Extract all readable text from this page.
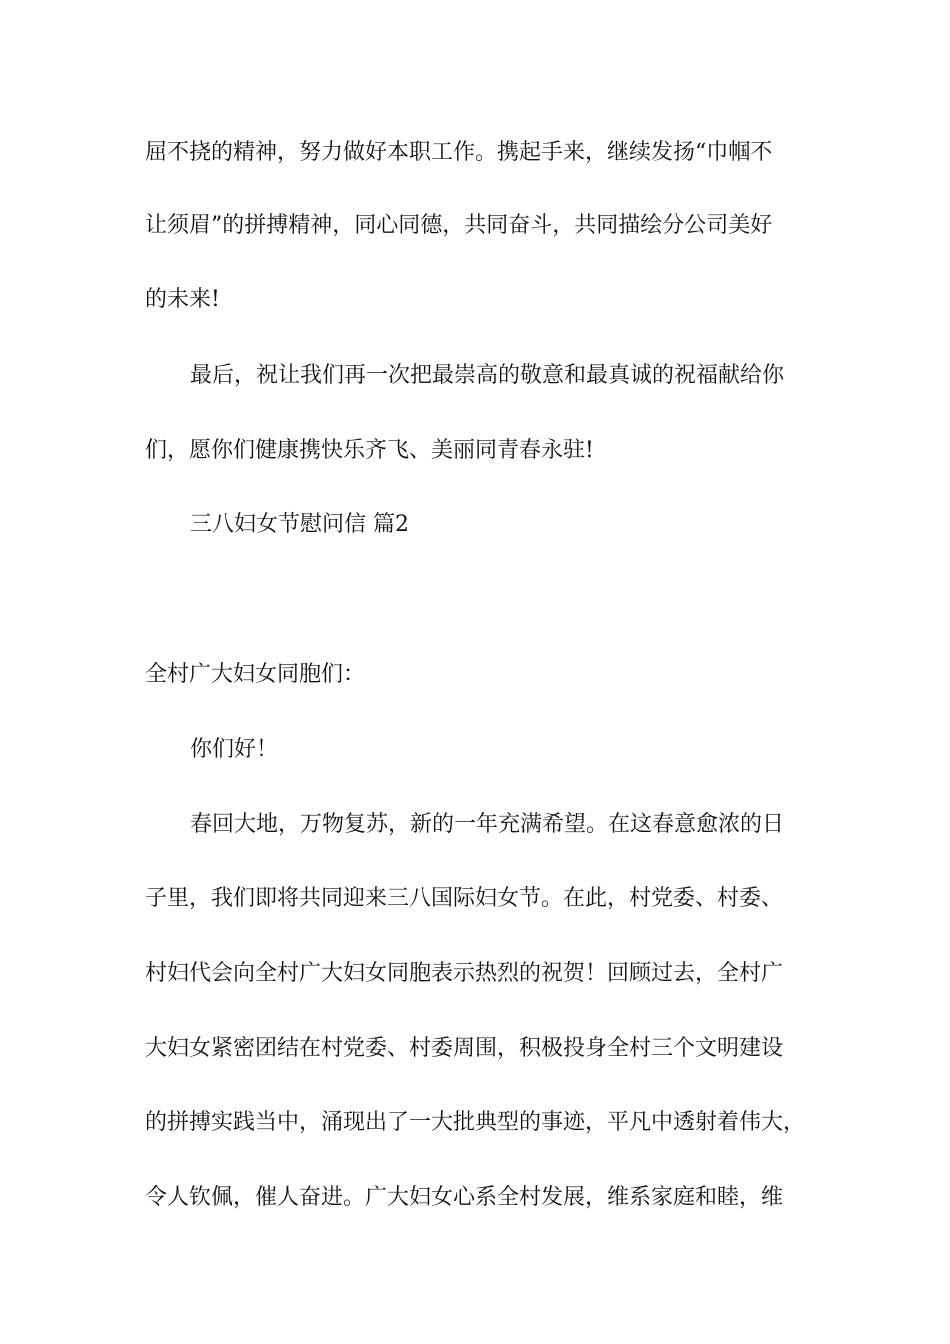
屈不挠的精神，努力做好本职工作。携起手来，继续发扬“巾帼不
让须眉”的拼搏精神，同心同德，共同奋斗，共同描绘分公司美好
的未来!
最后，祝让我们再一次把最崇高的敬意和最真诚的祝福献给你
们，愿你们健康携快乐齐飞、美丽同青春永驻!
三八妇女节慰问信 篇2
全村广大妇女同胞们：
你们好！
春回大地，万物复苏，新的一年充满希望。在这春意愈浓的日
子里，我们即将共同迎来三八国际妇女节。在此，村党委、村委、
村妇代会向全村广大妇女同胞表示热烈的祝贺！回顾过去，全村广
大妇女紧密团结在村党委、村委周围，积极投身全村三个文明建设
的拼搏实践当中，涌现出了一大批典型的事迹，平凡中透射着伟大，
令人钦佩，催人奋进。广大妇女心系全村发展，维系家庭和睦，维
